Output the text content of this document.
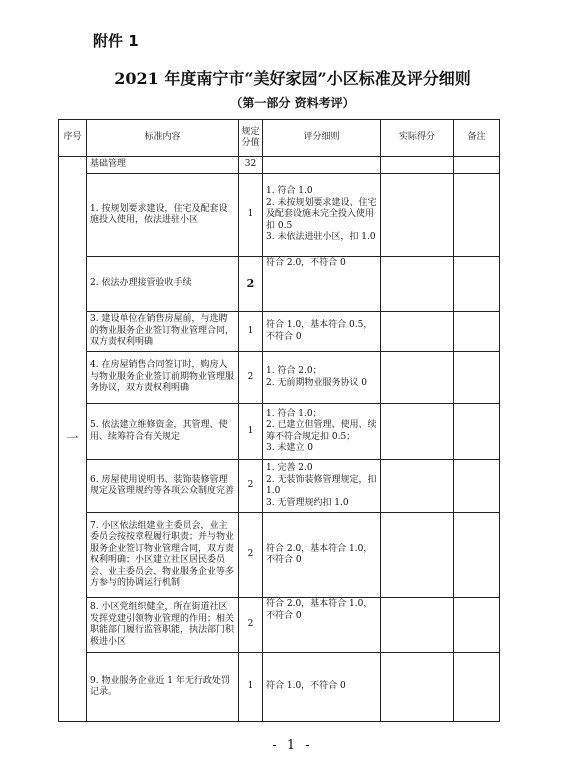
附件 1
2021 年度南宁市“美好家园”小区标准及评分细则
（第一部分 资料考评）
序号	标准内容	规定分值	评分细则	实际得分	备注
一	基础管理	32			
	1. 按规划要求建设，住宅及配套设施投入使用，依法进驻小区	1	1. 符合 1.0
2. 未按规划要求建设、住宅及配套设施未完全投入使用扣 0.5
3. 未依法进驻小区，扣 1.0		
	2. 依法办理接管验收手续	2	符合 2.0，不符合 0		
	3. 建设单位在销售房屋前，与选聘的物业服务企业签订物业管理合同，双方责权利明确	1	符合 1.0，基本符合 0.5，不符合 0		
	4. 在房屋销售合同签订时，购房人与物业服务企业签订前期物业管理服务协议，双方责权利明确	2	1. 符合 2.0；
2. 无前期物业服务协议 0		
	5. 依法建立维修资金，其管理、使用、续筹符合有关规定	1	1. 符合 1.0；
2. 已建立但管理、使用、续筹不符合规定扣 0.5；
3. 未建立 0		
	6. 房屋使用说明书、装饰装修管理规定及管理规约等各项公众制度完善	2	1. 完善 2.0
2. 无装饰装修管理规定，扣 1.0
3. 无管理规约扣 1.0		
	7. 小区依法组建业主委员会，业主委员会按按章程履行职责；并与物业服务企业签订物业管理合同，双方责权利明确；小区建立社区居民委员会、业主委员会、物业服务企业等多方参与的协调运行机制	2	符合 2.0，基本符合 1.0，不符合 0		
	8. 小区党组织健全，所在街道社区发挥党建引领物业管理的作用；相关职能部门履行监管职能，执法部门积极进小区	2	符合 2.0，基本符合 1.0，不符合 0		
	9. 物业服务企业近 1 年无行政处罚记录。	1	符合 1.0，不符合 0		
- 1 -
